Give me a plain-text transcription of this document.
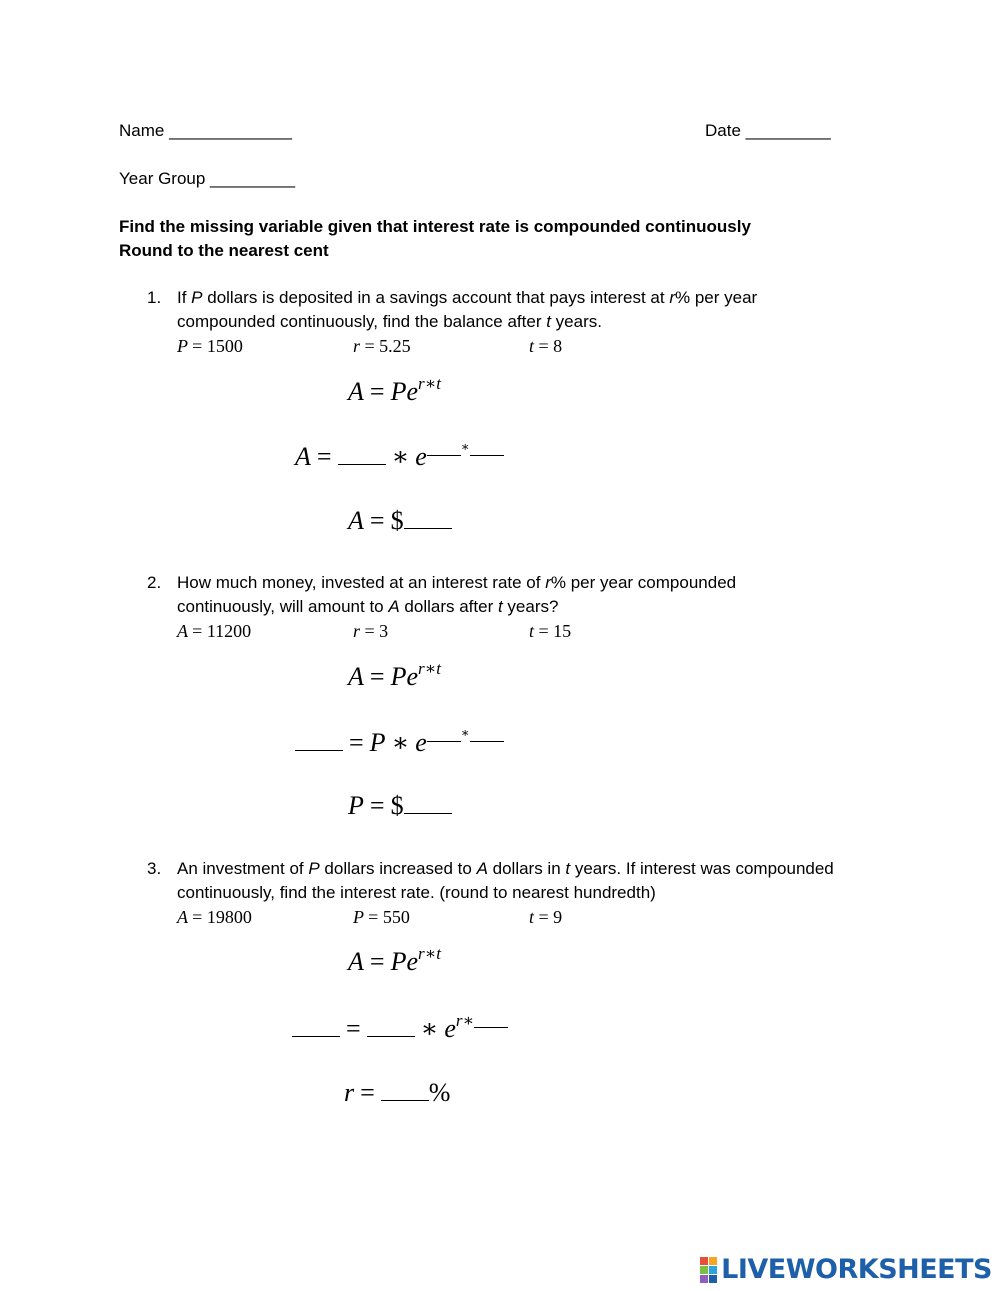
Name _____________	Date _________
Year Group _________
Find the missing variable given that interest rate is compounded continuously
Round to the nearest cent
1. If P dollars is deposited in a savings account that pays interest at r% per year
compounded continuously, find the balance after t years.
P = 1500	r = 5.25	t = 8
$A = Pe^{r∗t}$
A = ∗ e	∗
A = $
2. How much money, invested at an interest rate of r% per year compounded
continuously, will amount to A dollars after t years?
A = 11200	r = 3	t = 15
$A = Pe^{r∗t}$
= P ∗ e	∗
P = $
3. An investment of P dollars increased to A dollars in t years. If interest was compounded
continuously, find the interest rate. (round to nearest hundredth)
A = 19800	P = 550	t = 9
$A = Pe^{r∗t}$
= ∗ $e^{r∗}$
r = %
LIVEWORKSHEETS
